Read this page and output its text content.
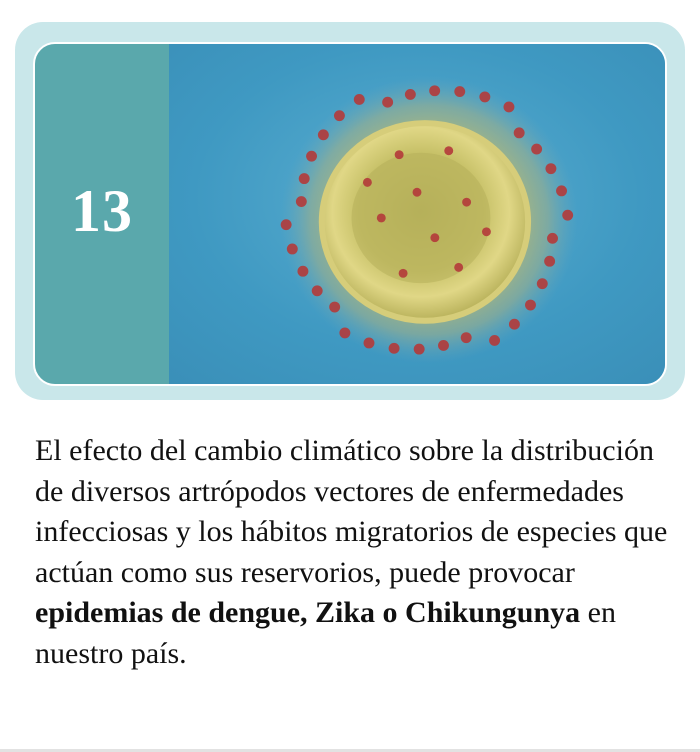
13

El efecto del cambio climático sobre la distribución de diversos artrópodos vectores de enfermedades infecciosas y los hábitos migratorios de especies que actúan como sus reservorios, puede provocar epidemias de dengue, Zika o Chikungunya en nuestro país.
